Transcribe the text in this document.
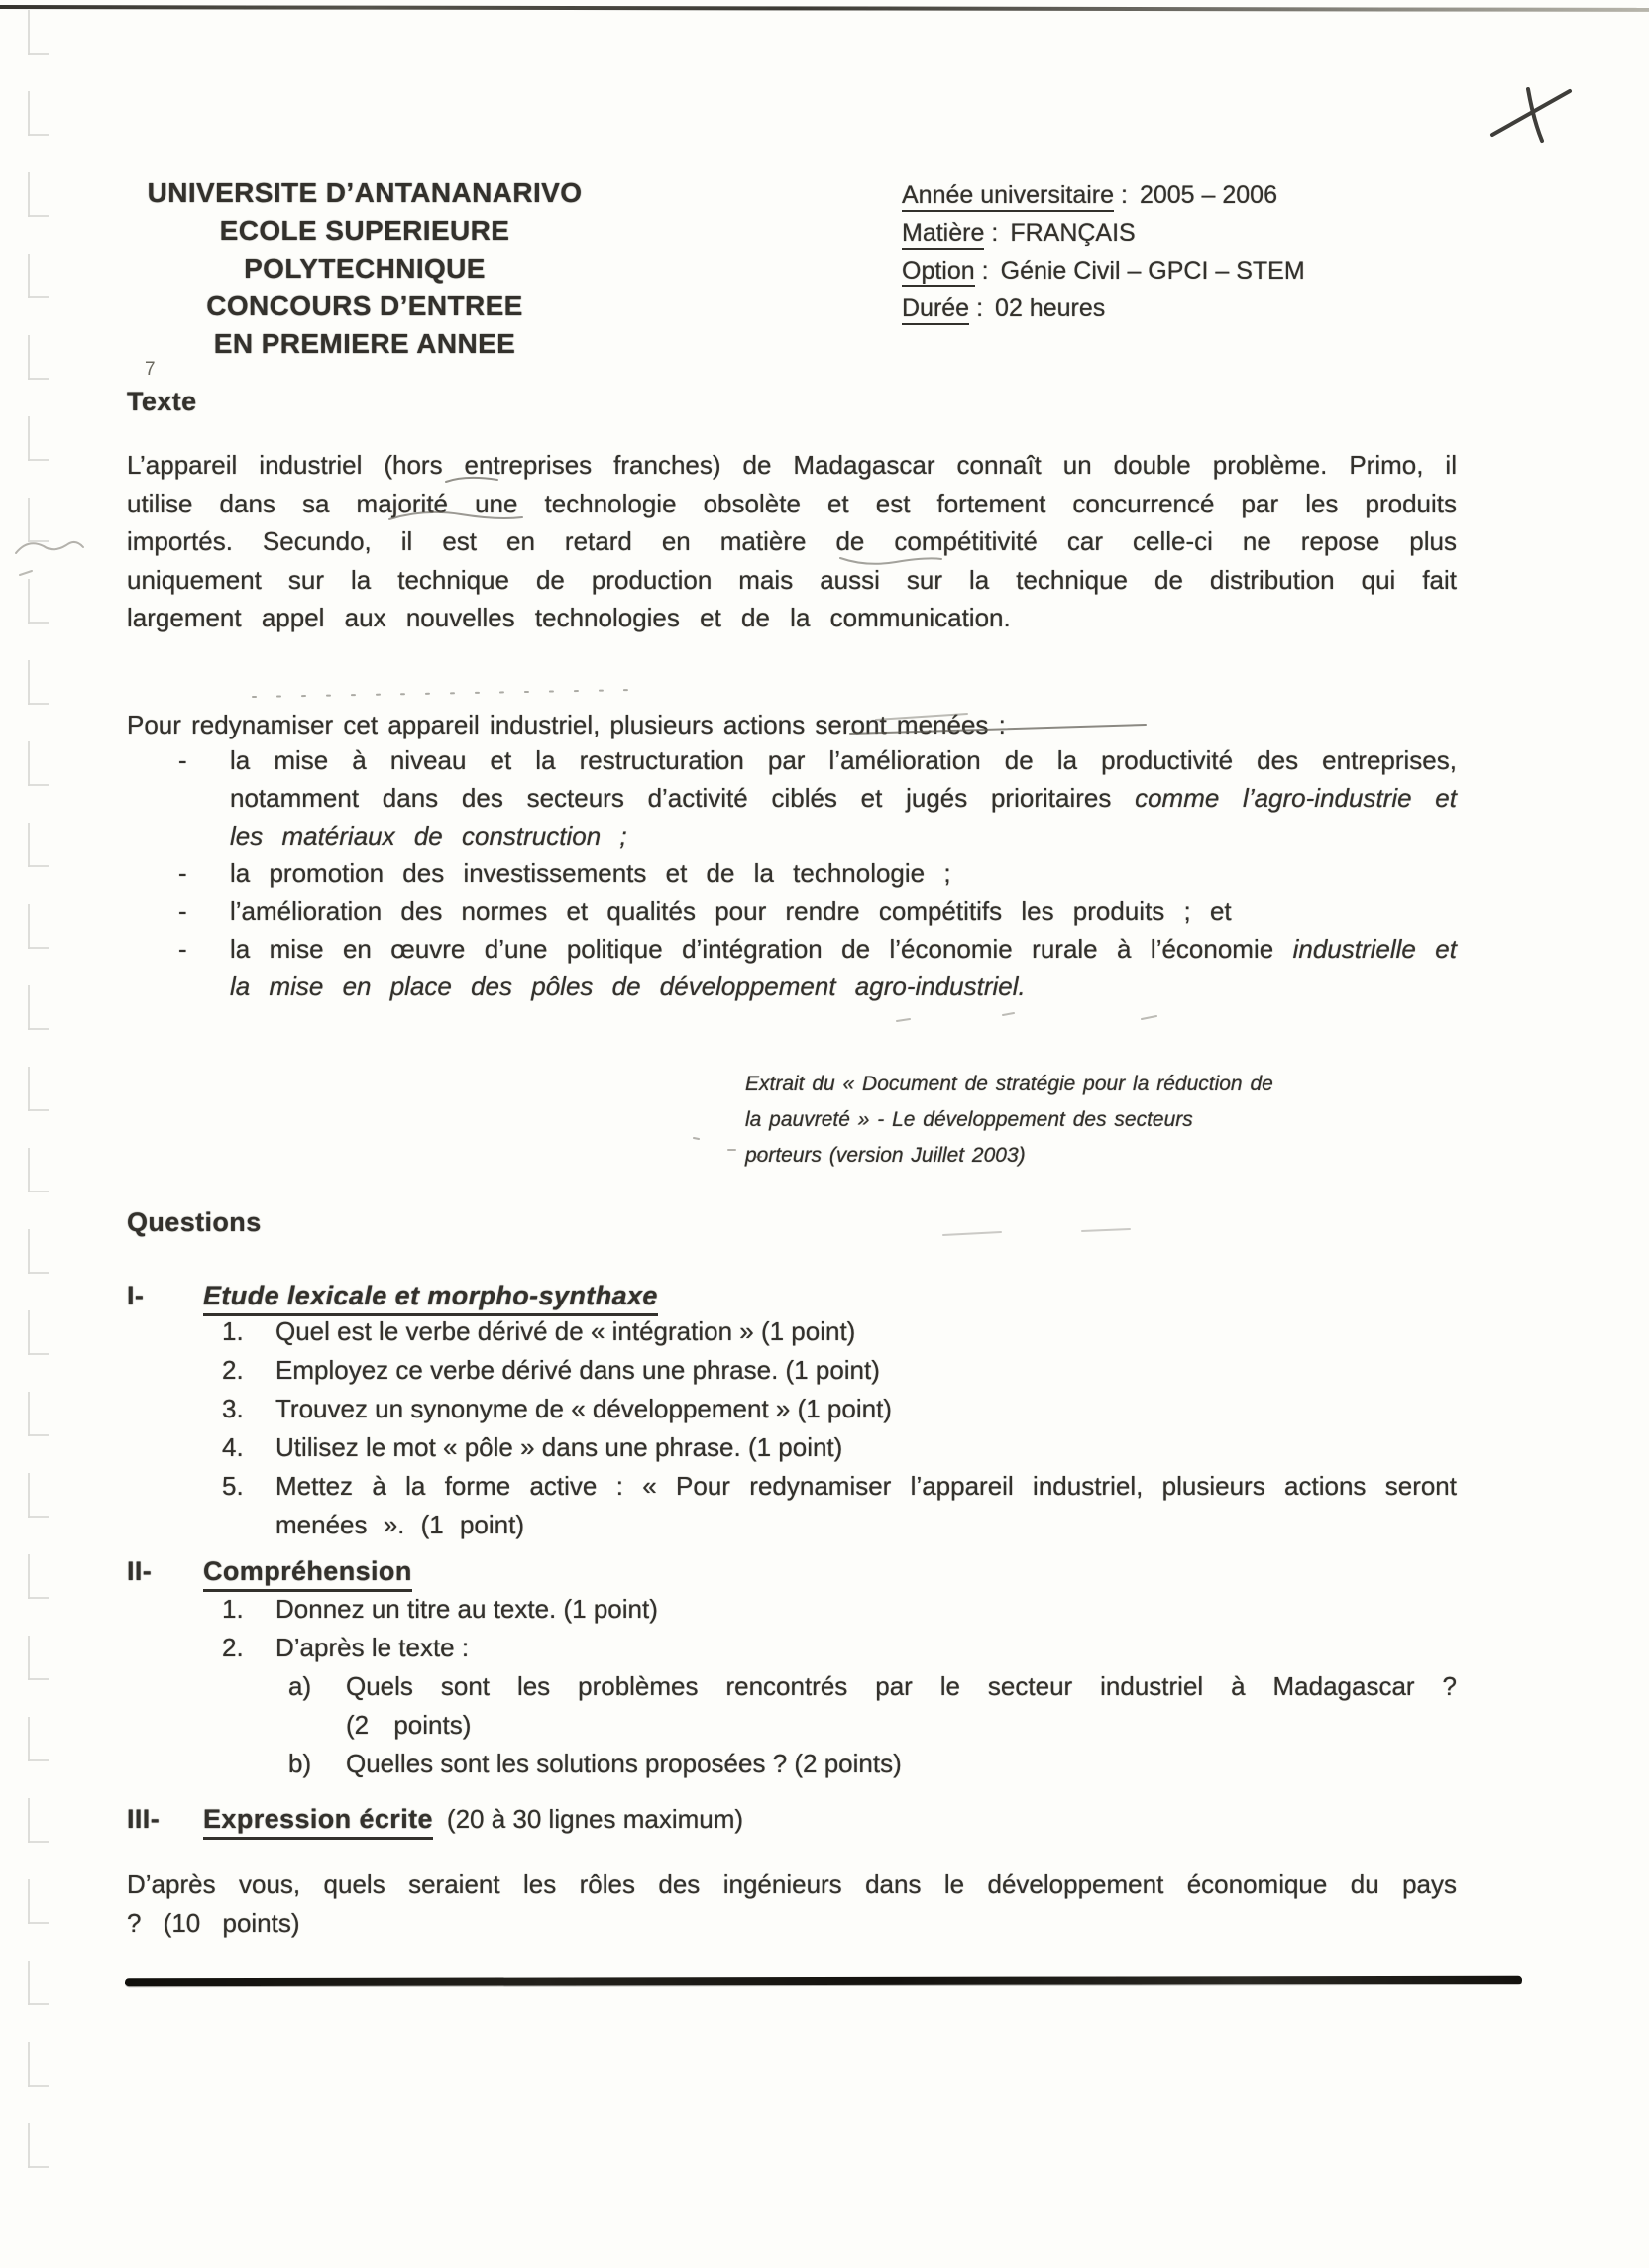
UNIVERSITE D’ANTANANARIVO
ECOLE SUPERIEURE POLYTECHNIQUE
CONCOURS D’ENTREE
EN PREMIERE ANNEE
Année universitaire : 2005 – 2006
Matière : FRANÇAIS
Option : Génie Civil – GPCI – STEM
Durée : 02 heures
7
Texte
L’appareil industriel (hors entreprises franches) de Madagascar connaît un double problème. Primo, il utilise dans sa majorité une technologie obsolète et est fortement concurrencé par les produits importés. Secundo, il est en retard en matière de compétitivité car celle-ci ne repose plus uniquement sur la technique de production mais aussi sur la technique de distribution qui fait largement appel aux nouvelles technologies et de la communication.
Pour redynamiser cet appareil industriel, plusieurs actions seront menées :
-	la mise à niveau et la restructuration par l’amélioration de la productivité des entreprises, notamment dans des secteurs d’activité ciblés et jugés prioritaires comme l’agro-industrie et les matériaux de construction ;
-	la promotion des investissements et de la technologie ;
-	l’amélioration des normes et qualités pour rendre compétitifs les produits ; et
-	la mise en œuvre d’une politique d’intégration de l’économie rurale à l’économie industrielle et la mise en place des pôles de développement agro-industriel.
Extrait du « Document de stratégie pour la réduction de la pauvreté » - Le développement des secteurs porteurs (version Juillet 2003)
Questions
I-	Etude lexicale et morpho-synthaxe
1.	Quel est le verbe dérivé de « intégration » (1 point)
2.	Employez ce verbe dérivé dans une phrase. (1 point)
3.	Trouvez un synonyme de « développement » (1 point)
4.	Utilisez le mot « pôle » dans une phrase. (1 point)
5.	Mettez à la forme active : « Pour redynamiser l’appareil industriel, plusieurs actions seront menées ». (1 point)
II-	Compréhension
1.	Donnez un titre au texte. (1 point)
2.	D’après le texte :
a)	Quels sont les problèmes rencontrés par le secteur industriel à Madagascar ? (2 points)
b)	Quelles sont les solutions proposées ? (2 points)
III-	Expression écrite (20 à 30 lignes maximum)
D’après vous, quels seraient les rôles des ingénieurs dans le développement économique du pays ? (10 points)
